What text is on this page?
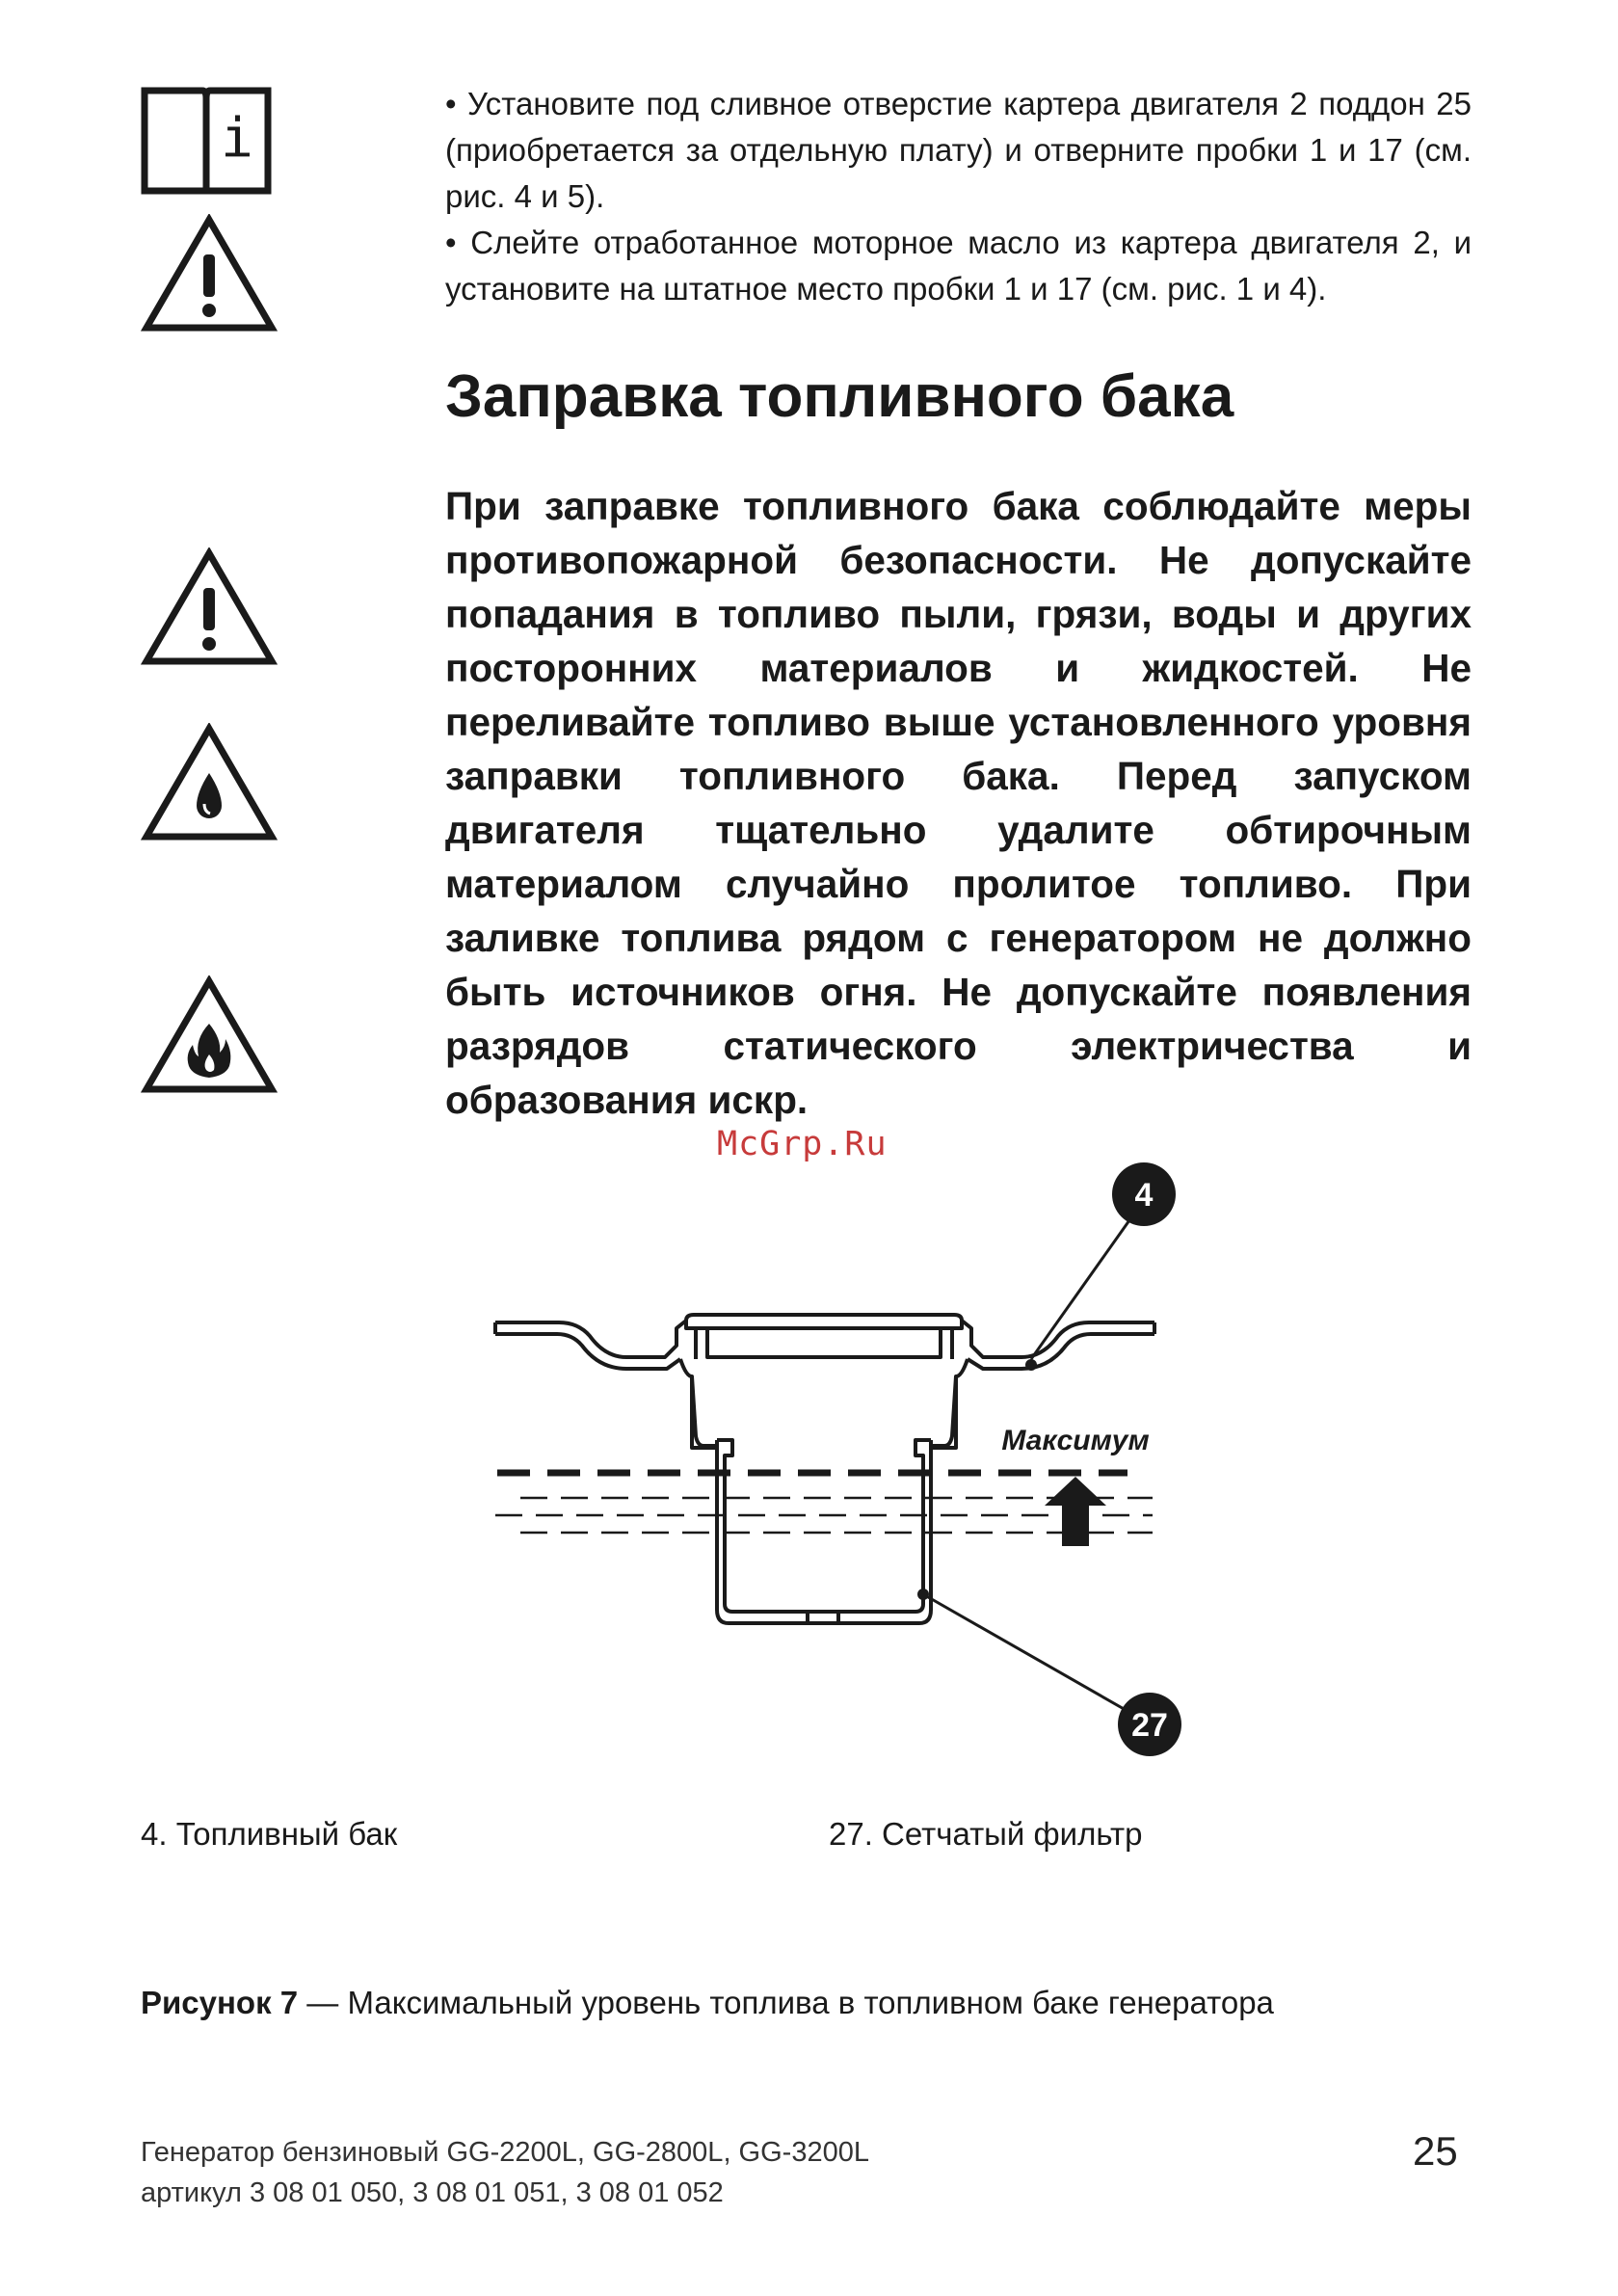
i

• Установите под сливное отверстие картера двигателя 2 поддон 25 (приобретается за отдельную плату) и отверните пробки 1 и 17 (см. рис. 4 и 5).

• Слейте отработанное моторное масло из картера двигателя 2, и установите на штатное место пробки 1 и 17 (см. рис. 1 и 4).

Заправка топливного бака

При заправке топливного бака соблюдайте меры противопожарной безопасности. Не допускайте попадания в топливо пыли, грязи, воды и других посторонних материалов и жидкостей. Не переливайте топливо выше установленного уровня заправки топливного бака. Перед запуском двигателя тщательно удалите обтирочным материалом случайно пролитое топливо. При заливке топлива рядом с генератором не должно быть источников огня. Не допускайте появления разрядов статического электричества и образования искр.

McGrp.Ru
4
27
Максимум
4. Топливный бак	27. Сетчатый фильтр
Рисунок 7 — Максимальный уровень топлива в топливном баке генератора
Генератор бензиновый GG-2200L, GG-2800L, GG-3200L
артикул 3 08 01 050, 3 08 01 051, 3 08 01 052
25
